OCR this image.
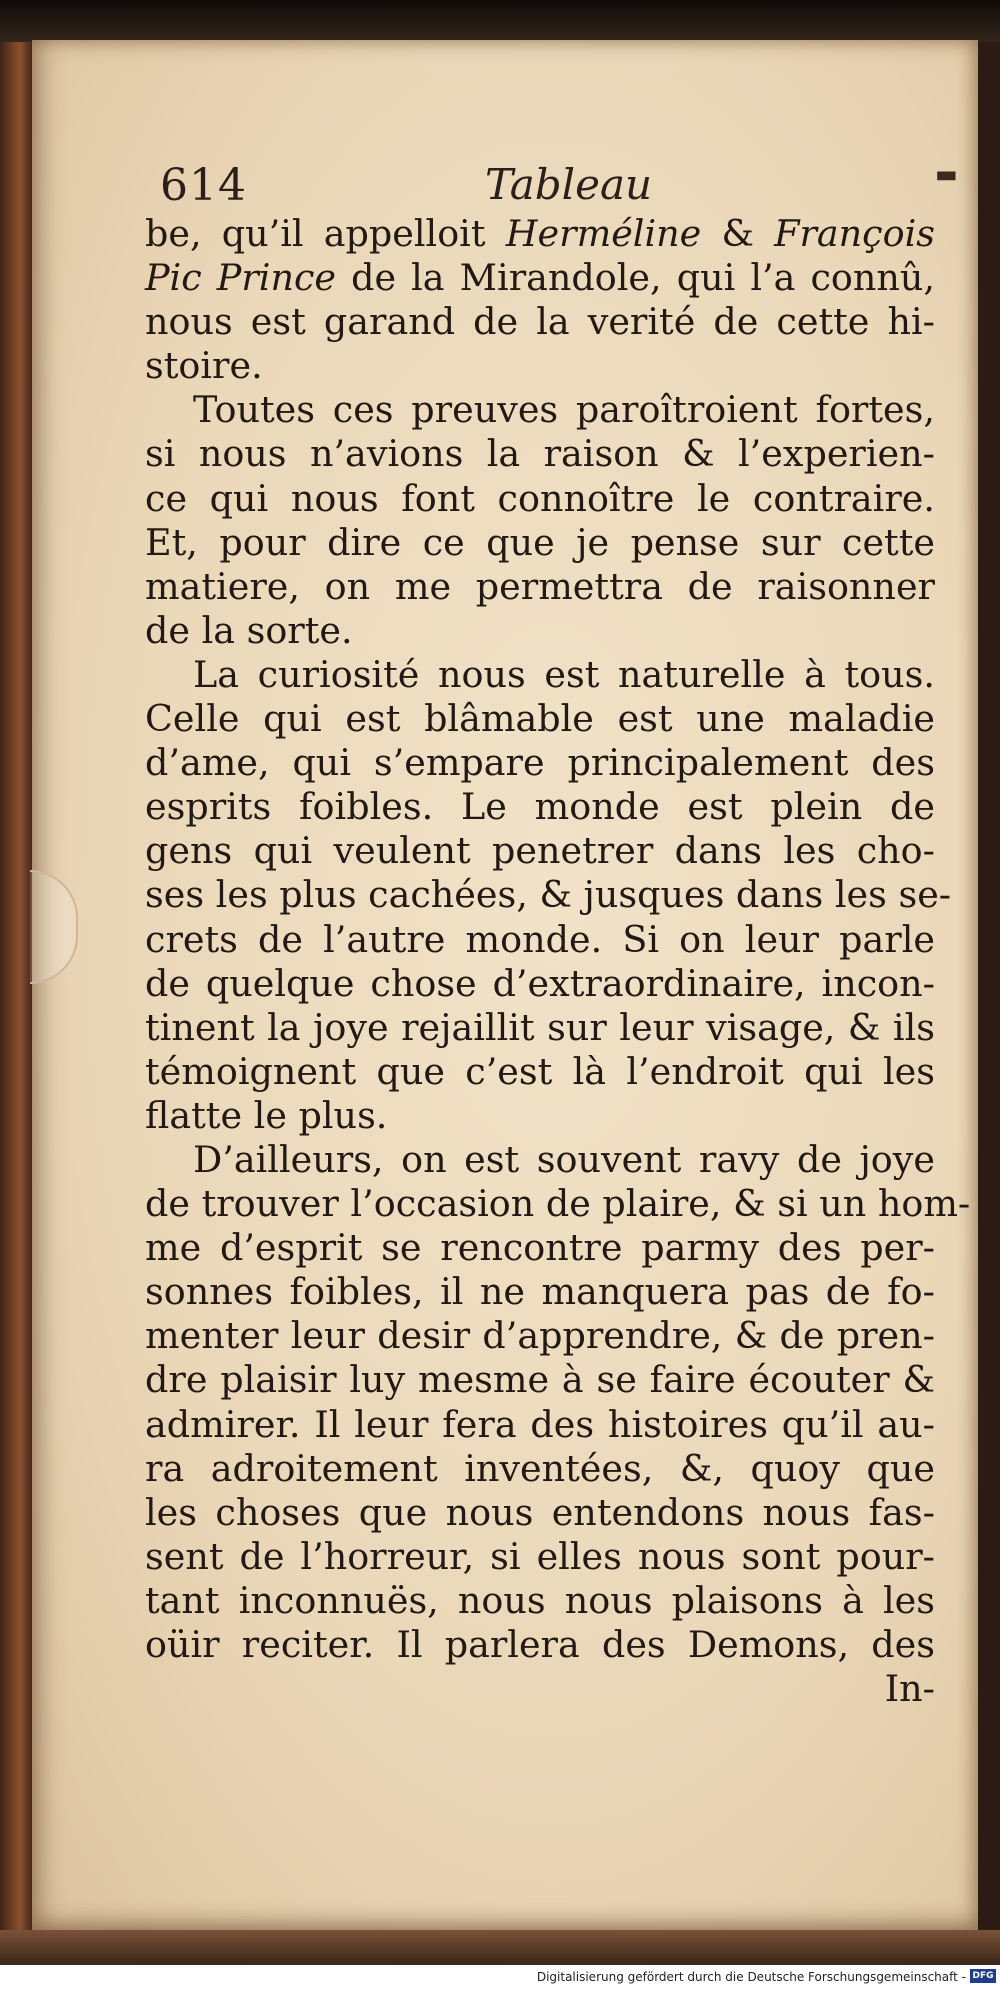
614	Tableau	▬
be, qu’il appelloit Herméline & François
Pic Prince de la Mirandole, qui l’a connû,
nous est garand de la verité de cette hi-
stoire.
Toutes ces preuves paroîtroient fortes,
si nous n’avions la raison & l’experien-
ce qui nous font connoître le contraire.
Et, pour dire ce que je pense sur cette
matiere, on me permettra de raisonner
de la sorte.
La curiosité nous est naturelle à tous.
Celle qui est blâmable est une maladie
d’ame, qui s’empare principalement des
esprits foibles. Le monde est plein de
gens qui veulent penetrer dans les cho-
ses les plus cachées, & jusques dans les se-
crets de l’autre monde. Si on leur parle
de quelque chose d’extraordinaire, incon-
tinent la joye rejaillit sur leur visage, & ils
témoignent que c’est là l’endroit qui les
flatte le plus.
D’ailleurs, on est souvent ravy de joye
de trouver l’occasion de plaire, & si un hom-
me d’esprit se rencontre parmy des per-
sonnes foibles, il ne manquera pas de fo-
menter leur desir d’apprendre, & de pren-
dre plaisir luy mesme à se faire écouter &
admirer. Il leur fera des histoires qu’il au-
ra adroitement inventées, &, quoy que
les choses que nous entendons nous fas-
sent de l’horreur, si elles nous sont pour-
tant inconnuës, nous nous plaisons à les
oüir reciter. Il parlera des Demons, des
In-
Digitalisierung gefördert durch die Deutsche Forschungsgemeinschaft - DFG
